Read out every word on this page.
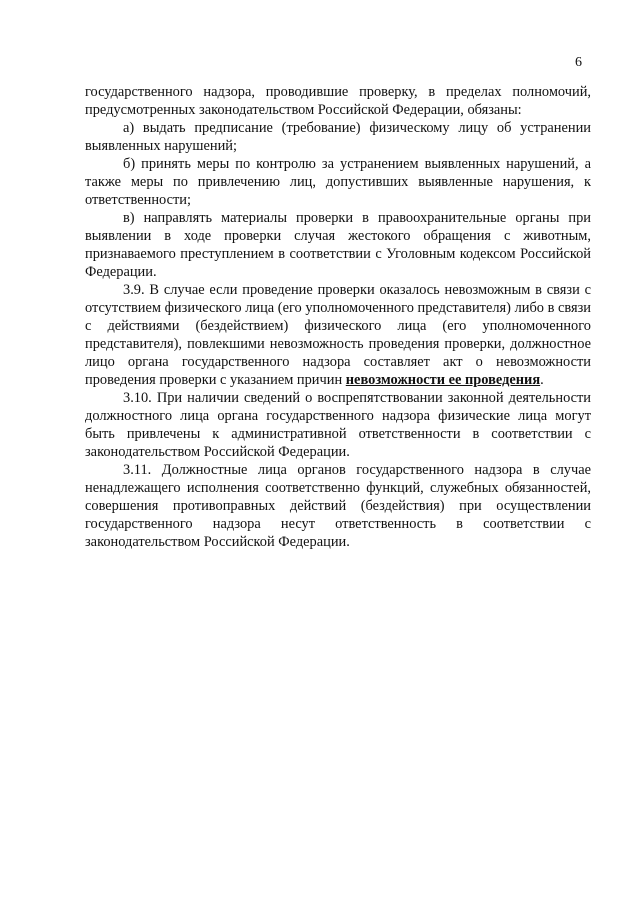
6

государственного надзора, проводившие проверку, в пределах полномочий, предусмотренных законодательством Российской Федерации, обязаны:

а) выдать предписание (требование) физическому лицу об устранении выявленных нарушений;

б) принять меры по контролю за устранением выявленных нарушений, а также меры по привлечению лиц, допустивших выявленные нарушения, к ответственности;

в) направлять материалы проверки в правоохранительные органы при выявлении в ходе проверки случая жестокого обращения с животным, признаваемого преступлением в соответствии с Уголовным кодексом Российской Федерации.

3.9. В случае если проведение проверки оказалось невозможным в связи с отсутствием физического лица (его уполномоченного представителя) либо в связи с действиями (бездействием) физического лица (его уполномоченного представителя), повлекшими невозможность проведения проверки, должностное лицо органа государственного надзора составляет акт о невозможности проведения проверки с указанием причин невозможности ее проведения.

3.10. При наличии сведений о воспрепятствовании законной деятельности должностного лица органа государственного надзора физические лица могут быть привлечены к административной ответственности в соответствии с законодательством Российской Федерации.

3.11. Должностные лица органов государственного надзора в случае ненадлежащего исполнения соответственно функций, служебных обязанностей, совершения противоправных действий (бездействия) при осуществлении государственного надзора несут ответственность в соответствии с законодательством Российской Федерации.
